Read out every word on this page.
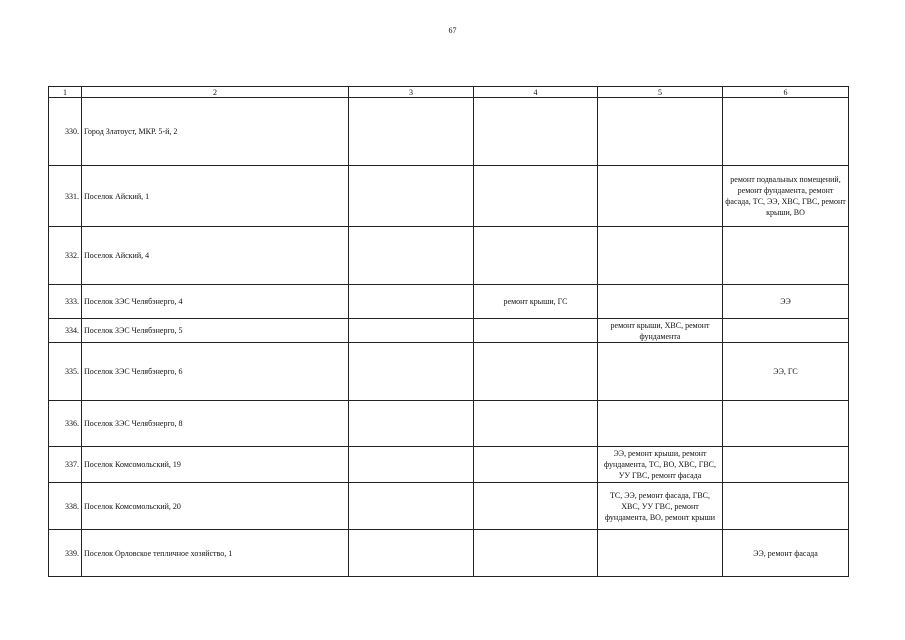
67
1	2	3	4	5	6
330.	Город Златоуст, МКР. 5-й, 2				
331.	Поселок Айский, 1				ремонт подвальных помещений, ремонт фундамента, ремонт фасада, ТС, ЭЭ, ХВС, ГВС, ремонт крыши, ВО
332.	Поселок Айский, 4				
333.	Поселок ЗЭС Челябэнерго, 4		ремонт крыши, ГС		ЭЭ
334.	Поселок ЗЭС Челябэнерго, 5			ремонт крыши, ХВС, ремонт фундамента	
335.	Поселок ЗЭС Челябэнерго, 6				ЭЭ, ГС
336.	Поселок ЗЭС Челябэнерго, 8				
337.	Поселок Комсомольский, 19			ЭЭ, ремонт крыши, ремонт фундамента, ТС, ВО, ХВС, ГВС, УУ ГВС, ремонт фасада	
338.	Поселок Комсомольский, 20			ТС, ЭЭ, ремонт фасада, ГВС, ХВС, УУ ГВС, ремонт фундамента, ВО, ремонт крыши	
339.	Поселок Орловское тепличное хозяйство, 1				ЭЭ, ремонт фасада
